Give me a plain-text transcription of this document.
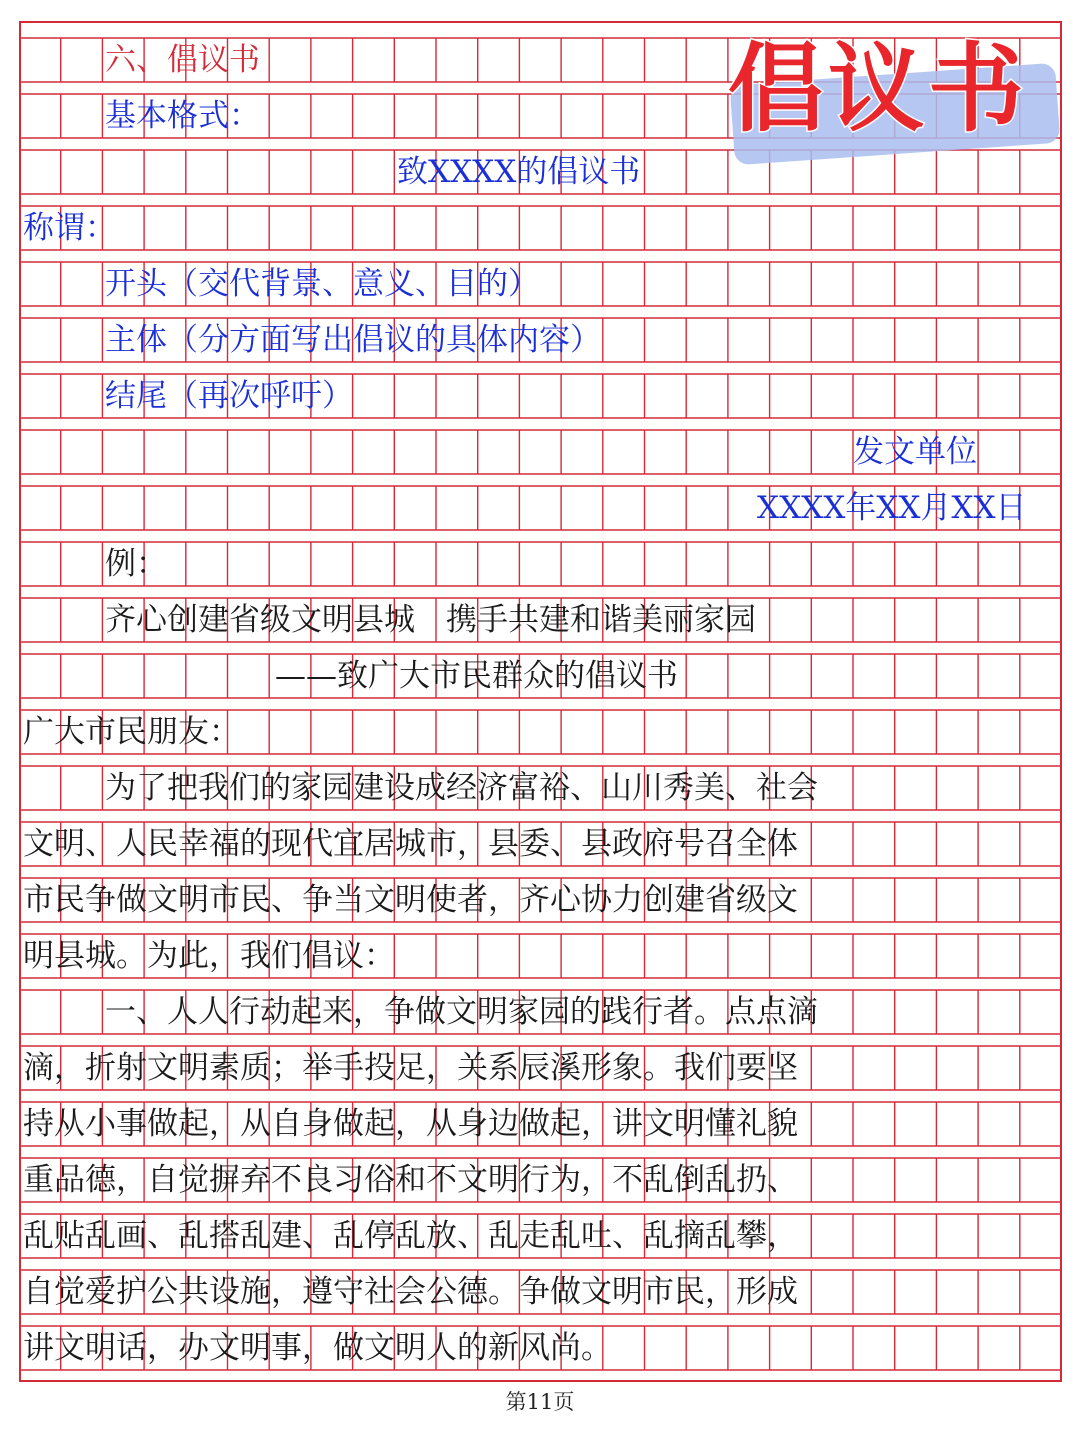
倡议书
六、倡议书
基本格式：
致XXXX的倡议书
称谓：
开头（交代背景、意义、目的）
主体（分方面写出倡议的具体内容）
结尾（再次呼吁）
发文单位
XXXX年XX月XX日
例：
齐心创建省级文明县城　携手共建和谐美丽家园
——致广大市民群众的倡议书
广大市民朋友：
为了把我们的家园建设成经济富裕、山川秀美、社会
文明、人民幸福的现代宜居城市，县委、县政府号召全体
市民争做文明市民、争当文明使者，齐心协力创建省级文
明县城。为此，我们倡议：
一、人人行动起来，争做文明家园的践行者。点点滴
滴，折射文明素质；举手投足，关系辰溪形象。我们要坚
持从小事做起，从自身做起，从身边做起，讲文明懂礼貌
重品德，自觉摒弃不良习俗和不文明行为，不乱倒乱扔、
乱贴乱画、乱搭乱建、乱停乱放、乱走乱吐、乱摘乱攀，
自觉爱护公共设施，遵守社会公德。争做文明市民，形成
讲文明话，办文明事，做文明人的新风尚。
第11页
